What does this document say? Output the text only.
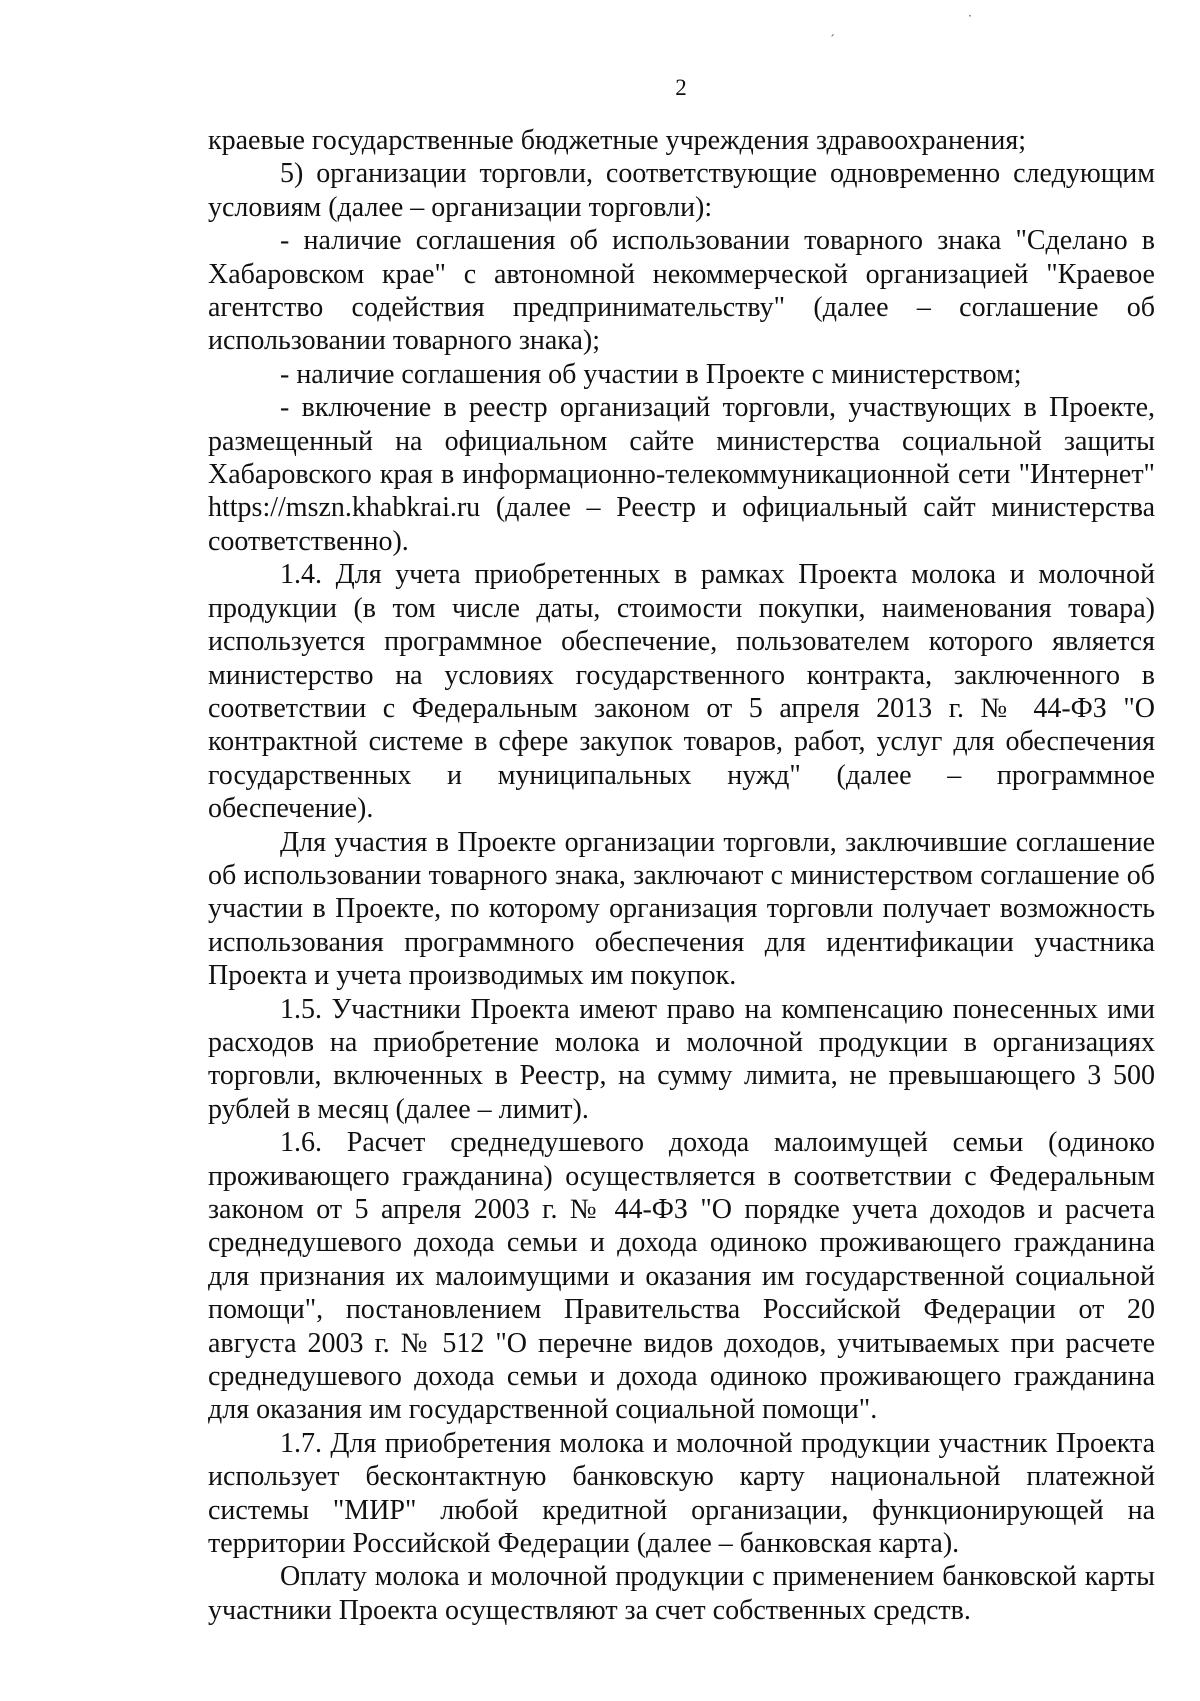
·
ˊ
2

краевые государственные бюджетные учреждения здравоохранения;

5) организации торговли, соответствующие одновременно следующим условиям (далее – организации торговли):

- наличие соглашения об использовании товарного знака "Сделано в Хабаровском крае" с автономной некоммерческой организацией "Краевое агентство содействия предпринимательству" (далее – соглашение об использовании товарного знака);

- наличие соглашения об участии в Проекте с министерством;

- включение в реестр организаций торговли, участвующих в Проекте, размещенный на официальном сайте министерства социальной защиты Хабаровского края в информационно-телекоммуникационной сети "Интернет" https://mszn.khabkrai.ru (далее – Реестр и официальный сайт министерства соответственно).

1.4. Для учета приобретенных в рамках Проекта молока и молочной продукции (в том числе даты, стоимости покупки, наименования товара) используется программное обеспечение, пользователем которого является министерство на условиях государственного контракта, заключенного в соответствии с Федеральным законом от 5 апреля 2013 г. № 44-ФЗ "О контрактной системе в сфере закупок товаров, работ, услуг для обеспечения государственных и муниципальных нужд" (далее – программное обеспечение).

Для участия в Проекте организации торговли, заключившие соглашение об использовании товарного знака, заключают с министерством соглашение об участии в Проекте, по которому организация торговли получает возможность использования программного обеспечения для идентификации участника Проекта и учета производимых им покупок.

1.5. Участники Проекта имеют право на компенсацию понесенных ими расходов на приобретение молока и молочной продукции в организациях торговли, включенных в Реестр, на сумму лимита, не превышающего 3 500 рублей в месяц (далее – лимит).

1.6. Расчет среднедушевого дохода малоимущей семьи (одиноко проживающего гражданина) осуществляется в соответствии с Федеральным законом от 5 апреля 2003 г. № 44-ФЗ "О порядке учета доходов и расчета среднедушевого дохода семьи и дохода одиноко проживающего гражданина для признания их малоимущими и оказания им государственной социальной помощи", постановлением Правительства Российской Федерации от 20 августа 2003 г. № 512 "О перечне видов доходов, учитываемых при расчете среднедушевого дохода семьи и дохода одиноко проживающего гражданина для оказания им государственной социальной помощи".

1.7. Для приобретения молока и молочной продукции участник Проекта использует бесконтактную банковскую карту национальной платежной системы "МИР" любой кредитной организации, функционирующей на территории Российской Федерации (далее – банковская карта).

Оплату молока и молочной продукции с применением банковской карты участники Проекта осуществляют за счет собственных средств.
